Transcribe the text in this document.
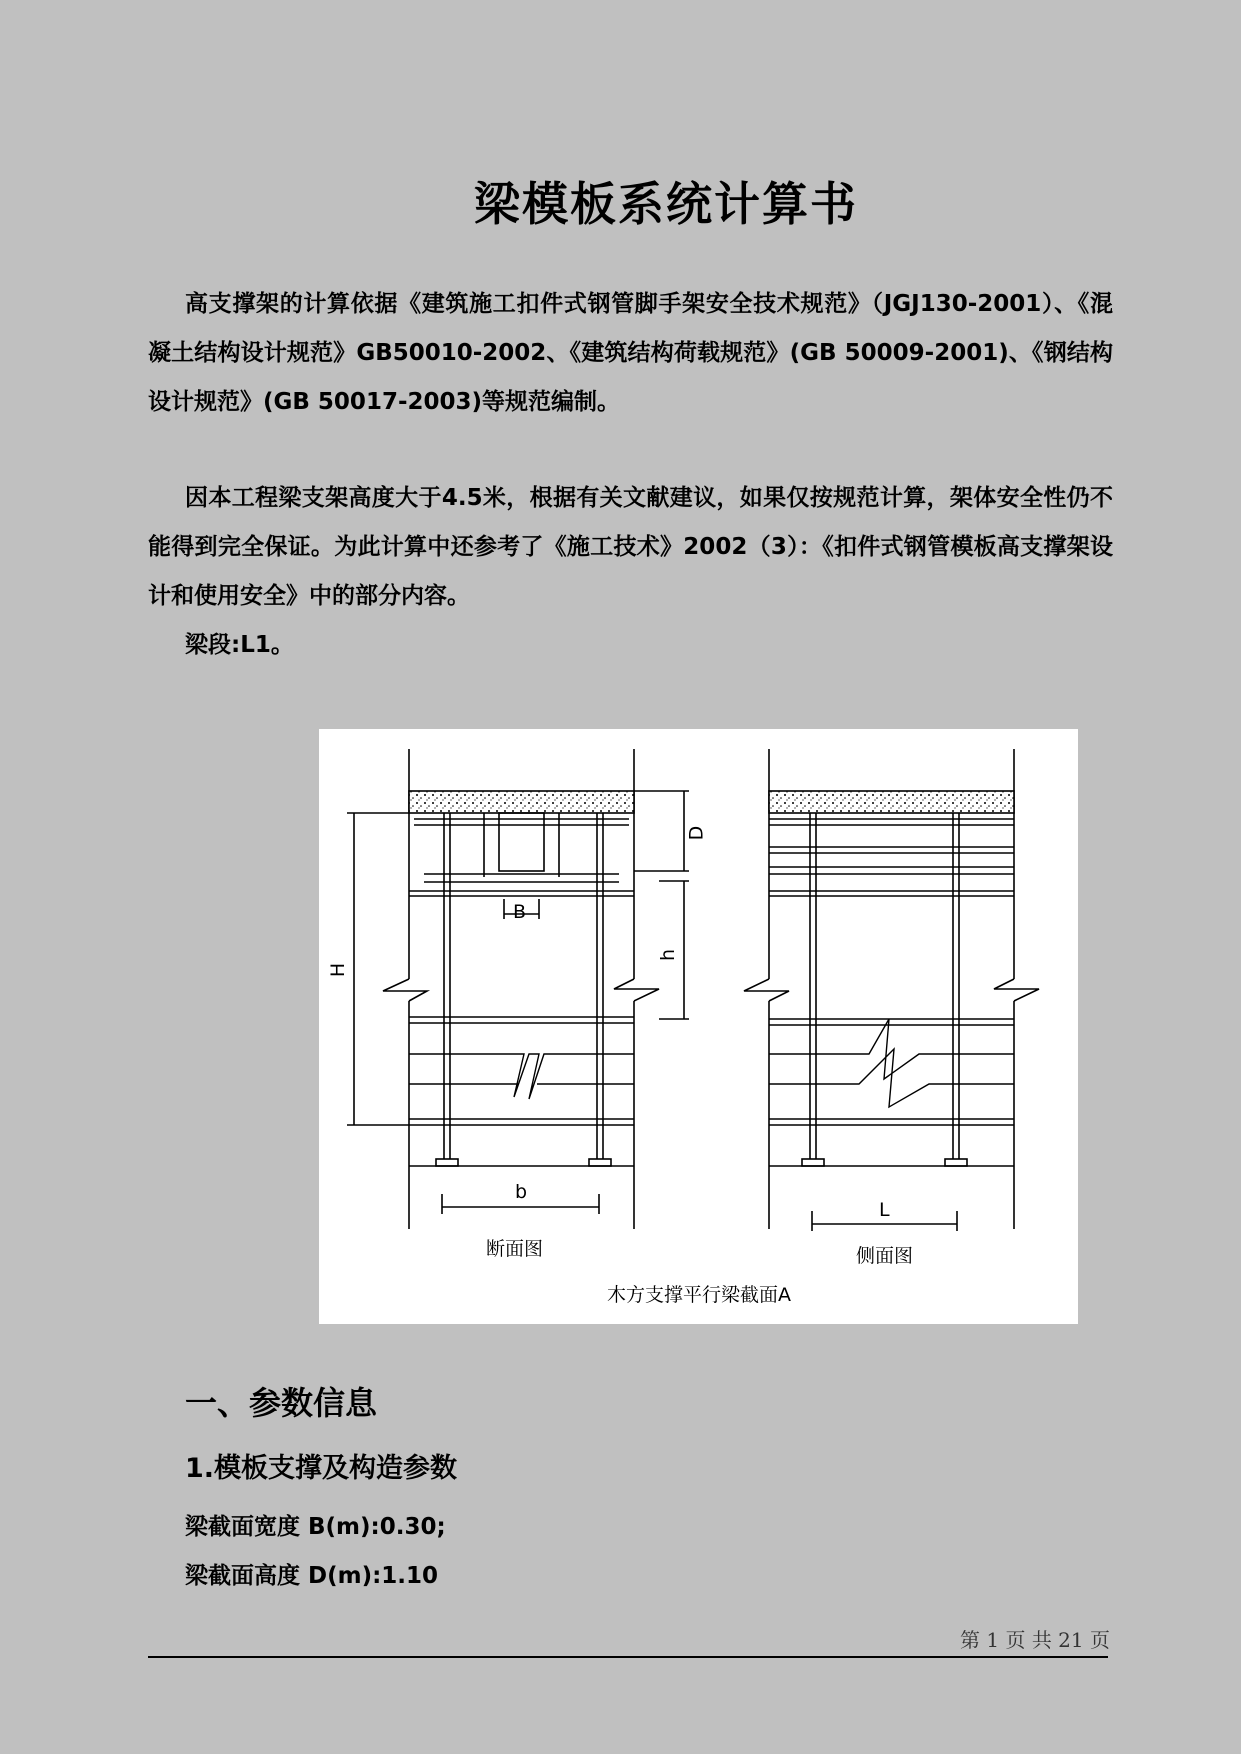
梁模板系统计算书

高支撑架的计算依据《建筑施工扣件式钢管脚手架安全技术规范》（JGJ130-2001）、《混凝土结构设计规范》GB50010-2002、《建筑结构荷载规范》(GB 50009-2001)、《钢结构设计规范》(GB 50017-2003)等规范编制。

因本工程梁支架高度大于4.5米，根据有关文献建议，如果仅按规范计算，架体安全性仍不能得到完全保证。为此计算中还参考了《施工技术》2002（3）：《扣件式钢管模板高支撑架设计和使用安全》中的部分内容。

梁段:L1。

H
h
B
D
b
L
断面图	侧面图
木方支撑平行梁截面A
一、参数信息
1.模板支撑及构造参数

梁截面宽度 B(m):0.30;

梁截面高度 D(m):1.10

第 1 页 共 21 页
